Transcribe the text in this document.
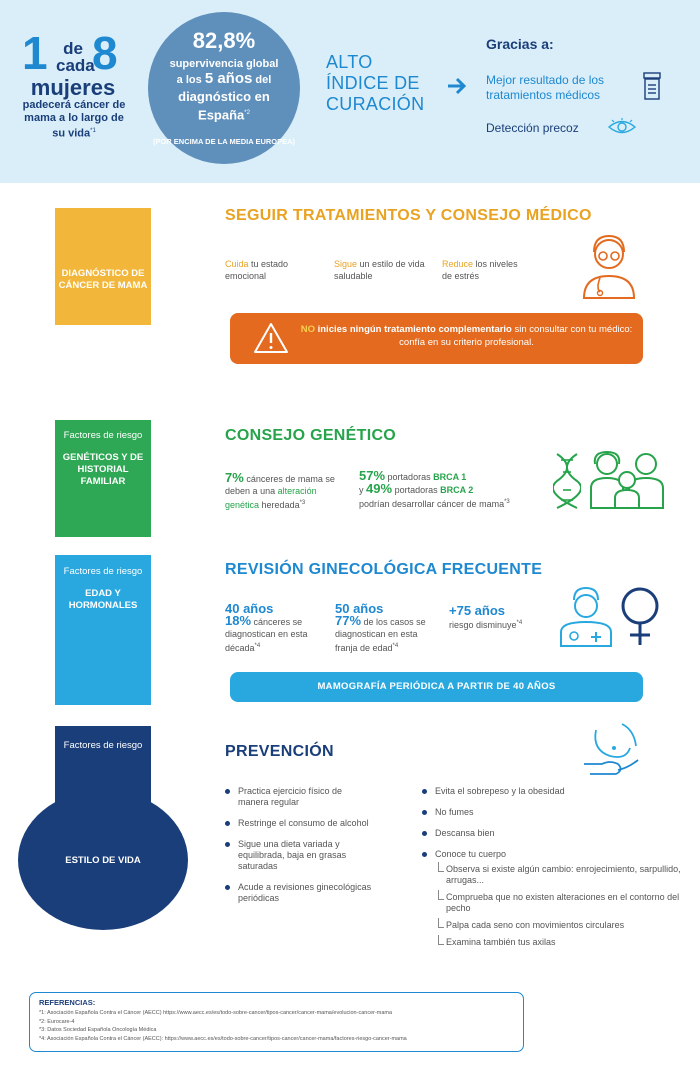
1 de cada
8
mujeres
padecerá cáncer de mama a lo largo de su vida$^{*1}$
82,8%
supervivencia global
a los 5 años del
diagnóstico en
España$^{*2}$
(POR ENCIMA DE LA MEDIA EUROPEA)
ALTO
ÍNDICE DE
CURACIÓN
Gracias a:
Mejor resultado de los tratamientos médicos
Detección precoz
DIAGNÓSTICO DE CÁNCER DE MAMA
SEGUIR TRATAMIENTOS Y CONSEJO MÉDICO
Cuida tu estado emocional
Sigue un estilo de vida saludable
Reduce los niveles de estrés
NO inicies ningún tratamiento complementario sin consultar con tu médico: confía en su criterio profesional.
Factores de riesgo
GENÉTICOS Y DE HISTORIAL FAMILIAR
CONSEJO GENÉTICO
7% cánceres de mama se deben a una alteración genética heredada$^{*3}$
57% portadoras BRCA 1
y 49% portadoras BRCA 2
podrían desarrollar cáncer de mama$^{*3}$
Factores de riesgo
EDAD Y HORMONALES
REVISIÓN GINECOLÓGICA FRECUENTE
40 años
18% cánceres se diagnostican en esta década$^{*4}$
50 años
77% de los casos se diagnostican en esta franja de edad$^{*4}$
+75 años
riesgo disminuye$^{*4}$
MAMOGRAFÍA PERIÓDICA A PARTIR DE 40 AÑOS
Factores de riesgo
ESTILO DE VIDA
PREVENCIÓN
Practica ejercicio físico de manera regular
Restringe el consumo de alcohol
Sigue una dieta variada y equilibrada, baja en grasas saturadas
Acude a revisiones ginecológicas periódicas
Evita el sobrepeso y la obesidad
No fumes
Descansa bien
Conoce tu cuerpo
Observa si existe algún cambio: enrojecimiento, sarpullido, arrugas...
Comprueba que no existen alteraciones en el contorno del pecho
Palpa cada seno con movimientos circulares
Examina también tus axilas
REFERENCIAS:
*1: Asociación Española Contra el Cáncer (AECC) https://www.aecc.es/es/todo-sobre-cancer/tipos-cancer/cancer-mama/evolucion-cancer-mama
*2: Eurocare-4
*3: Datos Sociedad Española Oncología Médica
*4: Asociación Española Contra el Cáncer (AECC): https://www.aecc.es/es/todo-sobre-cancer/tipos-cancer/cancer-mama/factores-riesgo-cancer-mama
